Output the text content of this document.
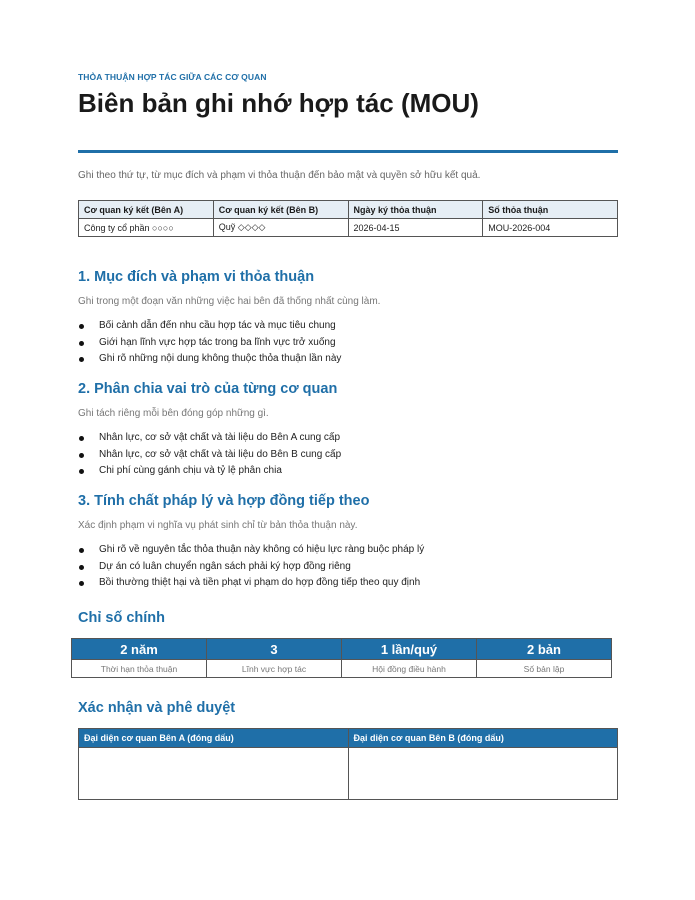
THỎA THUẬN HỢP TÁC GIỮA CÁC CƠ QUAN
Biên bản ghi nhớ hợp tác (MOU)

Ghi theo thứ tự, từ mục đích và phạm vi thỏa thuận đến bảo mật và quyền sở hữu kết quả.

Cơ quan ký kết (Bên A)	Cơ quan ký kết (Bên B)	Ngày ký thỏa thuận	Số thỏa thuận
Công ty cổ phần ○○○○	Quỹ ◇◇◇◇	2026-04-15	MOU-2026-004
1. Mục đích và phạm vi thỏa thuận

Ghi trong một đoạn văn những việc hai bên đã thống nhất cùng làm.

Bối cảnh dẫn đến nhu cầu hợp tác và mục tiêu chung
Giới hạn lĩnh vực hợp tác trong ba lĩnh vực trở xuống
Ghi rõ những nội dung không thuộc thỏa thuận lần này
2. Phân chia vai trò của từng cơ quan

Ghi tách riêng mỗi bên đóng góp những gì.

Nhân lực, cơ sở vật chất và tài liệu do Bên A cung cấp
Nhân lực, cơ sở vật chất và tài liệu do Bên B cung cấp
Chi phí cùng gánh chịu và tỷ lệ phân chia
3. Tính chất pháp lý và hợp đồng tiếp theo

Xác định phạm vi nghĩa vụ phát sinh chỉ từ bản thỏa thuận này.

Ghi rõ về nguyên tắc thỏa thuận này không có hiệu lực ràng buộc pháp lý
Dự án có luân chuyển ngân sách phải ký hợp đồng riêng
Bồi thường thiệt hại và tiền phạt vi phạm do hợp đồng tiếp theo quy định
Chỉ số chính
2 năm	3	1 lần/quý	2 bản
Thời hạn thỏa thuận	Lĩnh vực hợp tác	Hội đồng điều hành	Số bản lập
Xác nhận và phê duyệt
Đại diện cơ quan Bên A (đóng dấu)	Đại diện cơ quan Bên B (đóng dấu)
